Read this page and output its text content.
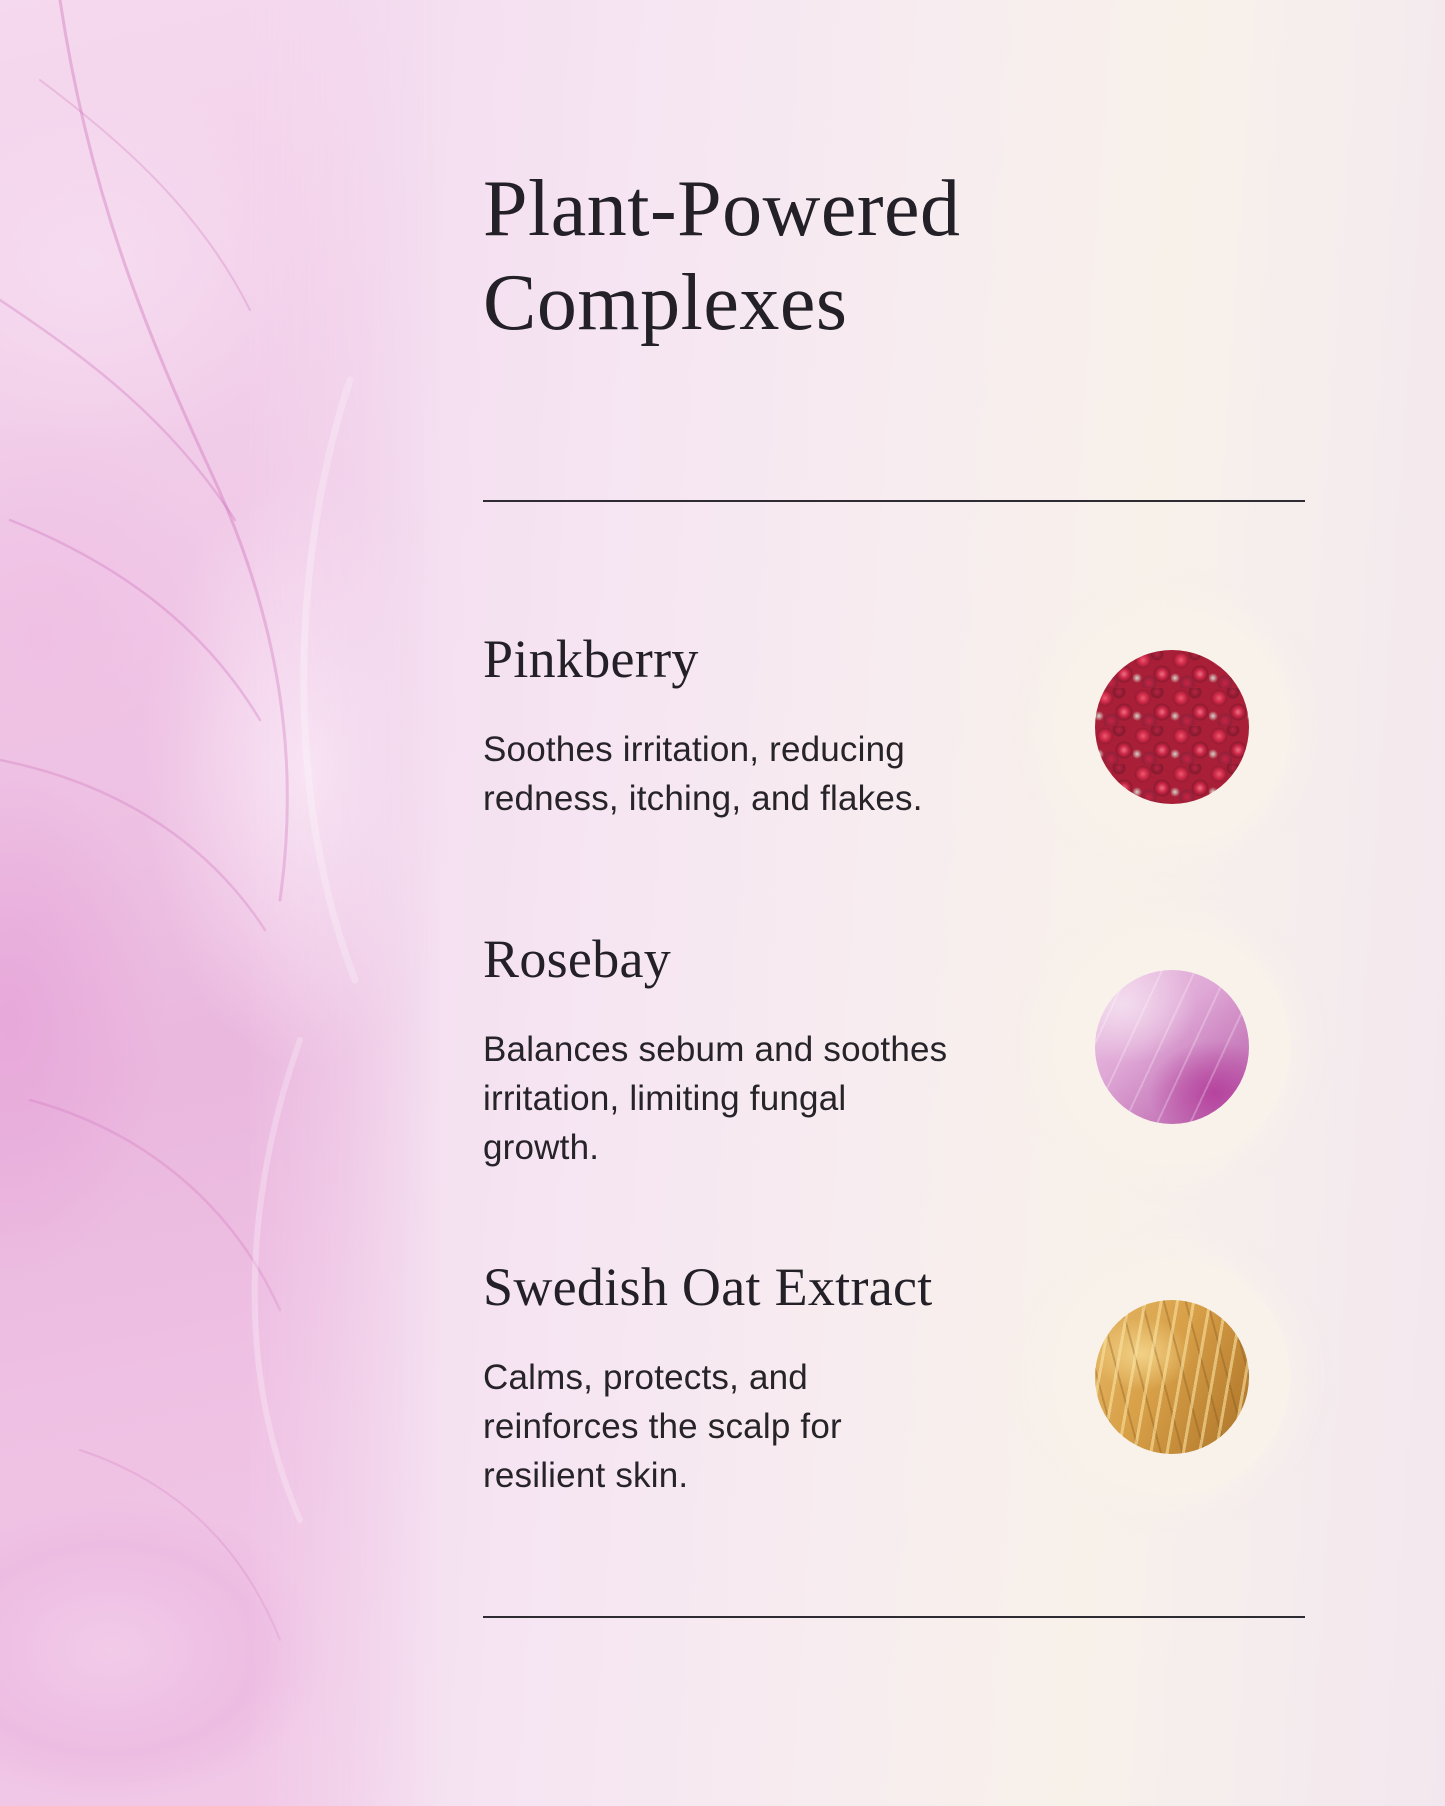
Plant-Powered Complexes
Pinkberry

Soothes irritation, reducing redness, itching, and flakes.

Rosebay

Balances sebum and soothes irritation, limiting fungal growth.

Swedish Oat Extract

Calms, protects, and reinforces the scalp for resilient skin.
